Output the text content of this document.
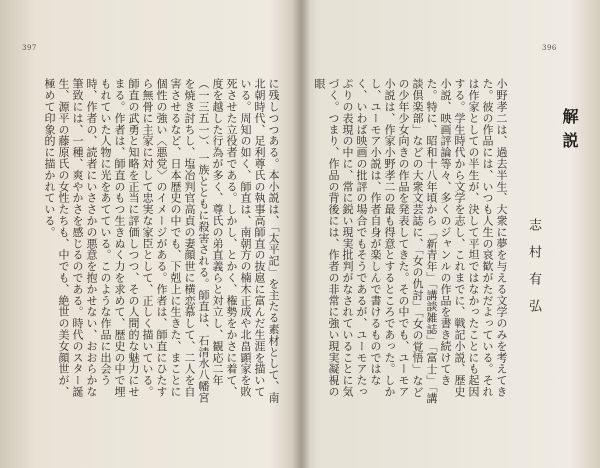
397
に残しつつある。本小説は、「太平記」を主たる素材として、南北朝時代、足利尊氏の執事高師直の抜扈に富んだ生涯を描いている。周知の如く、師直は、南朝方の楠木正成や北畠顕家を敗死させた立役者である。しかし、とかく、権勢をかさに着て、度を越した行為が多く、尊氏の弟直義らと対立し、観応二年（一三五一）、一族とともに殺害される。師直は、石清水八幡宮を焼き討ちし、塩冶判官高貞の妻顔世に横恋慕して、二人を自害させるなど、日本歴史の中でも、下剋上に生きた、まことに個性の強い〈悪党〉のイメージがある。作者は、師直にひたすら無骨に主家に対して忠実な家臣として、正しく描いている。師直の武勇と知略を正当に評価しつつ、その人間的な魅力にせまる。作者は、師直のもつ生きぬく力を求めて、歴史の中で埋もれていた人物に光をあてている。このような作品に出会う時、作者の、読者にいささかの悪意を抱かせない、おおらかな筆致には、一種、爽やかさを感じるのである。時代のスター誕生、源平の藤原氏の女性たちも、中でも、絶世の美女顔世が、極めて印象的に描かれている。
396
解説
志村有弘
小野孝二は、過去半生、大衆に夢を与える文学のみを考えてきた。彼の作品には、いつも人生の哀歓がただよっている。それは作家としての半生が、決して平坦ではなかったことにも起因する。学生時代から文学を志し、これまでに、戦記小説、歴史小説、映画評論等々、多くのジャンルの作品を書き続けてきた。特に、昭和十八年頃から「新青年」「講談雑誌」「富士」「講談倶楽部」などの大衆文芸誌に、「女の仇討」「女の覚悟」などの少年少女向きの作品を発表してきた。その中でも、ユーモア小説は、作家小野孝二の最も得意とするところであった。しかし、ユーモア小説は、作者自身が楽しんで書けるものではなく、いわば映画の批評の場合でもそうであるが、ユーモアたっぷりの表現の中に、常に鋭い現実批判がなされていることに気づく。つまり、作品の背後には、作者の非常に強い現実凝視の眼
